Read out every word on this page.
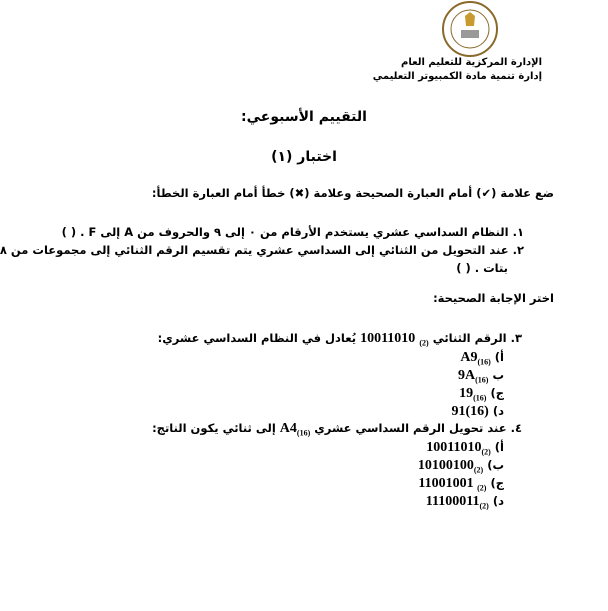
الإدارة المركزية للتعليم العام
إدارة تنمية مادة الكمبيوتر التعليمي
التقييم الأسبوعي:
اختبار (١)
ضع علامة (✔) أمام العبارة الصحيحة وعلامة (✖) خطأ أمام العبارة الخطأ:
١. النظام السداسي عشري يستخدم الأرقام من ٠ إلى ٩ والحروف من A إلى F . ( )
٢. عند التحويل من الثنائي إلى السداسي عشري يتم تقسيم الرقم الثنائي إلى مجموعات من ٨
بتات . ( )
اختر الإجابة الصحيحة:
٣. الرقم الثنائي $_{(2)}$ 10011010 يُعادل في النظام السداسي عشري:
أ) $A9_{(16)}$
ب $9A_{(16)}$
ج) $19_{(16)}$
د) 91(16)
٤. عند تحويل الرقم السداسي عشري $_{(16)}$A4 إلى ثنائي يكون الناتج:
أ) $10011010_{(2)}$
ب) $10100100_{(2)}$
ج) 11001001 $_{(2)}$
د) $11100011_{(2)}$
